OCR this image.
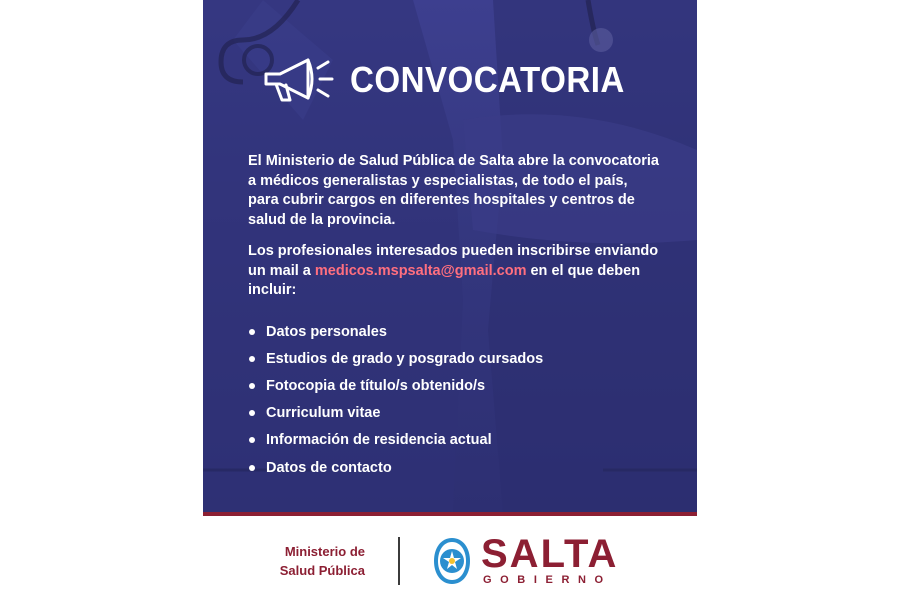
CONVOCATORIA
El Ministerio de Salud Pública de Salta abre la convocatoria
a médicos generalistas y especialistas, de todo el país,
para cubrir cargos en diferentes hospitales y centros de
salud de la provincia.
Los profesionales interesados pueden inscribirse enviando
un mail a medicos.mspsalta@gmail.com en el que deben
incluir:
Datos personales
Estudios de grado y posgrado cursados
Fotocopia de título/s obtenido/s
Curriculum vitae
Información de residencia actual
Datos de contacto
Ministerio de
Salud Pública	SALTA
GOBIERNO
